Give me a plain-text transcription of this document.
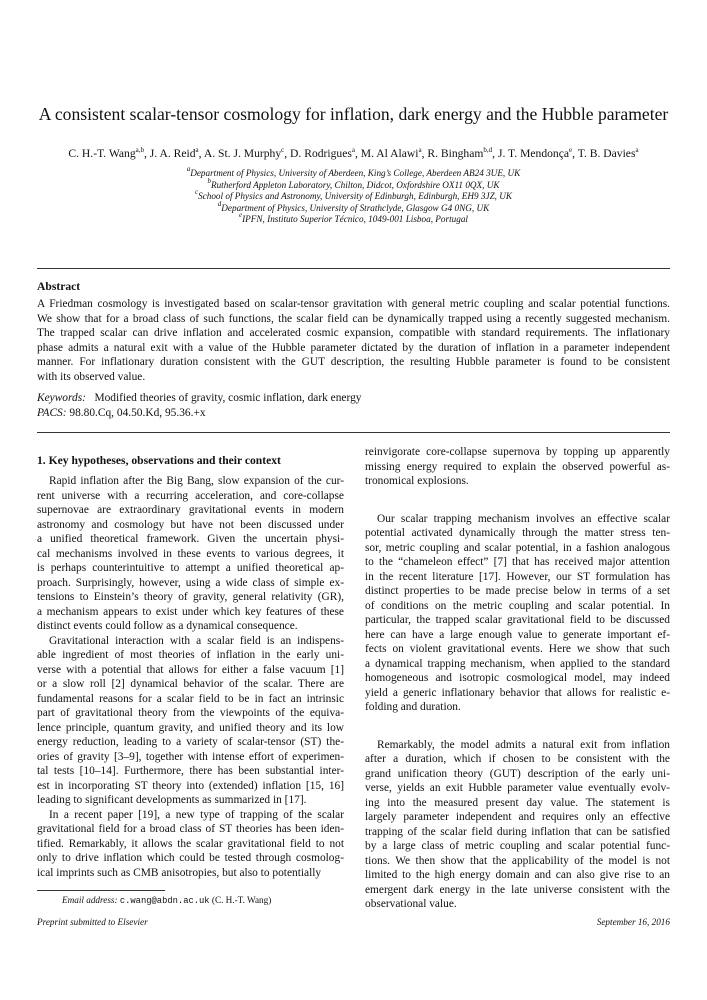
A consistent scalar-tensor cosmology for inflation, dark energy and the Hubble parameter
C. H.-T. Wang$^{a,b}$, J. A. Reid$^a$, A. St. J. Murphy$^c$, D. Rodrigues$^a$, M. Al Alawi$^a$, R. Bingham$^{b,d}$, J. T. Mendonça$^e$, T. B. Davies$^a$
$^a$Department of Physics, University of Aberdeen, King’s College, Aberdeen AB24 3UE, UK
$^b$Rutherford Appleton Laboratory, Chilton, Didcot, Oxfordshire OX11 0QX, UK
$^c$School of Physics and Astronomy, University of Edinburgh, Edinburgh, EH9 3JZ, UK
$^d$Department of Physics, University of Strathclyde, Glasgow G4 0NG, UK
$^e$IPFN, Instituto Superior Técnico, 1049-001 Lisboa, Portugal
Abstract
A Friedman cosmology is investigated based on scalar-tensor gravitation with general metric coupling and scalar potential functions.
We show that for a broad class of such functions, the scalar field can be dynamically trapped using a recently suggested mechanism.
The trapped scalar can drive inflation and accelerated cosmic expansion, compatible with standard requirements. The inflationary
phase admits a natural exit with a value of the Hubble parameter dictated by the duration of inflation in a parameter independent
manner. For inflationary duration consistent with the GUT description, the resulting Hubble parameter is found to be consistent
with its observed value.
Keywords: Modified theories of gravity, cosmic inflation, dark energy
PACS: 98.80.Cq, 04.50.Kd, 95.36.+x
1. Key hypotheses, observations and their context
Rapid inflation after the Big Bang, slow expansion of the cur-
rent universe with a recurring acceleration, and core-collapse
supernovae are extraordinary gravitational events in modern
astronomy and cosmology but have not been discussed under
a unified theoretical framework. Given the uncertain physi-
cal mechanisms involved in these events to various degrees, it
is perhaps counterintuitive to attempt a unified theoretical ap-
proach. Surprisingly, however, using a wide class of simple ex-
tensions to Einstein’s theory of gravity, general relativity (GR),
a mechanism appears to exist under which key features of these
distinct events could follow as a dynamical consequence.
Gravitational interaction with a scalar field is an indispens-
able ingredient of most theories of inflation in the early uni-
verse with a potential that allows for either a false vacuum [1]
or a slow roll [2] dynamical behavior of the scalar. There are
fundamental reasons for a scalar field to be in fact an intrinsic
part of gravitational theory from the viewpoints of the equiva-
lence principle, quantum gravity, and unified theory and its low
energy reduction, leading to a variety of scalar-tensor (ST) the-
ories of gravity [3–9], together with intense effort of experimen-
tal tests [10–14]. Furthermore, there has been substantial inter-
est in incorporating ST theory into (extended) inflation [15, 16]
leading to significant developments as summarized in [17].
In a recent paper [19], a new type of trapping of the scalar
gravitational field for a broad class of ST theories has been iden-
tified. Remarkably, it allows the scalar gravitational field to not
only to drive inflation which could be tested through cosmolog-
ical imprints such as CMB anisotropies, but also to potentially
reinvigorate core-collapse supernova by topping up apparently
missing energy required to explain the observed powerful as-
tronomical explosions.
Our scalar trapping mechanism involves an effective scalar
potential activated dynamically through the matter stress ten-
sor, metric coupling and scalar potential, in a fashion analogous
to the “chameleon effect” [7] that has received major attention
in the recent literature [17]. However, our ST formulation has
distinct properties to be made precise below in terms of a set
of conditions on the metric coupling and scalar potential. In
particular, the trapped scalar gravitational field to be discussed
here can have a large enough value to generate important ef-
fects on violent gravitational events. Here we show that such
a dynamical trapping mechanism, when applied to the standard
homogeneous and isotropic cosmological model, may indeed
yield a generic inflationary behavior that allows for realistic e-
folding and duration.
Remarkably, the model admits a natural exit from inflation
after a duration, which if chosen to be consistent with the
grand unification theory (GUT) description of the early uni-
verse, yields an exit Hubble parameter value eventually evolv-
ing into the measured present day value. The statement is
largely parameter independent and requires only an effective
trapping of the scalar field during inflation that can be satisfied
by a large class of metric coupling and scalar potential func-
tions. We then show that the applicability of the model is not
limited to the high energy domain and can also give rise to an
emergent dark energy in the late universe consistent with the
observational value.
Email address: c.wang@abdn.ac.uk (C. H.-T. Wang)
Preprint submitted to Elsevier	September 16, 2016
